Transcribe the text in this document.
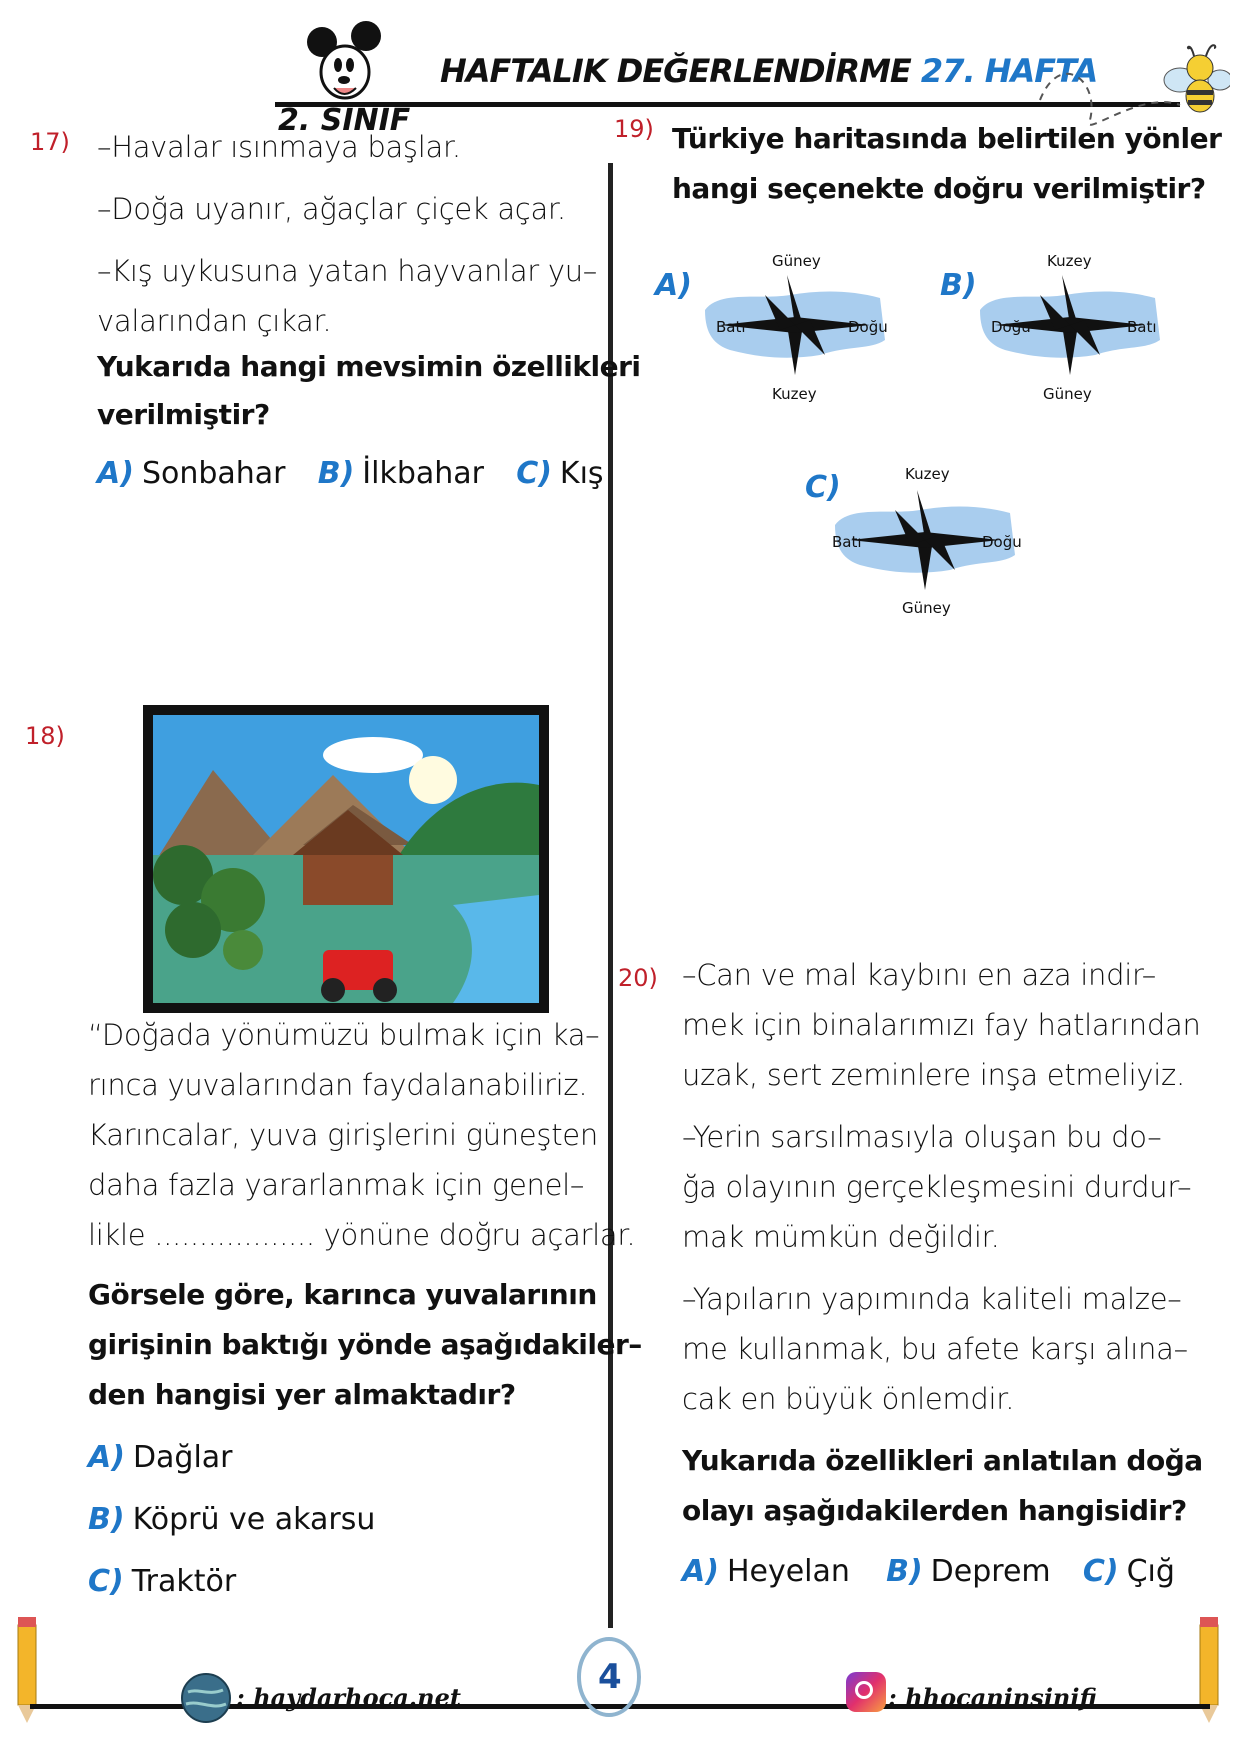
HAFTALIK DEĞERLENDİRME 27. HAFTA
2. SINIF
17) –Havalar ısınmaya başlar.
–Doğa uyanır, ağaçlar çiçek açar.
–Kış uykusuna yatan hayvanlar yu–
valarından çıkar.
Yukarıda hangi mevsimin özellikleri
verilmiştir?
A) Sonbahar B) İlkbahar C) Kış
18)
“Doğada yönümüzü bulmak için ka–
rınca yuvalarından faydalanabiliriz.
Karıncalar, yuva girişlerini güneşten
daha fazla yararlanmak için genel–
likle .................. yönüne doğru açarlar.
Görsele göre, karınca yuvalarının
girişinin baktığı yönde aşağıdakiler–
den hangisi yer almaktadır?
A) Dağlar
B) Köprü ve akarsu
C) Traktör
19) Türkiye haritasında belirtilen yönler
hangi seçenekte doğru verilmiştir?
A)
Güney
Kuzey
Batı	Doğu
B)
Kuzey
Güney
Doğu	Batı
C)	Kuzey
Güney
Batı	Doğu
20) –Can ve mal kaybını en aza indir–
mek için binalarımızı fay hatlarından
uzak, sert zeminlere inşa etmeliyiz.
–Yerin sarsılmasıyla oluşan bu do–
ğa olayının gerçekleşmesini durdur–
mak mümkün değildir.
–Yapıların yapımında kaliteli malze–
me kullanmak, bu afete karşı alına–
cak en büyük önlemdir.
Yukarıda özellikleri anlatılan doğa
olayı aşağıdakilerden hangisidir?
A) Heyelan B) Deprem C) Çığ
: haydarhoca.net
4
: hhocaninsinifi
